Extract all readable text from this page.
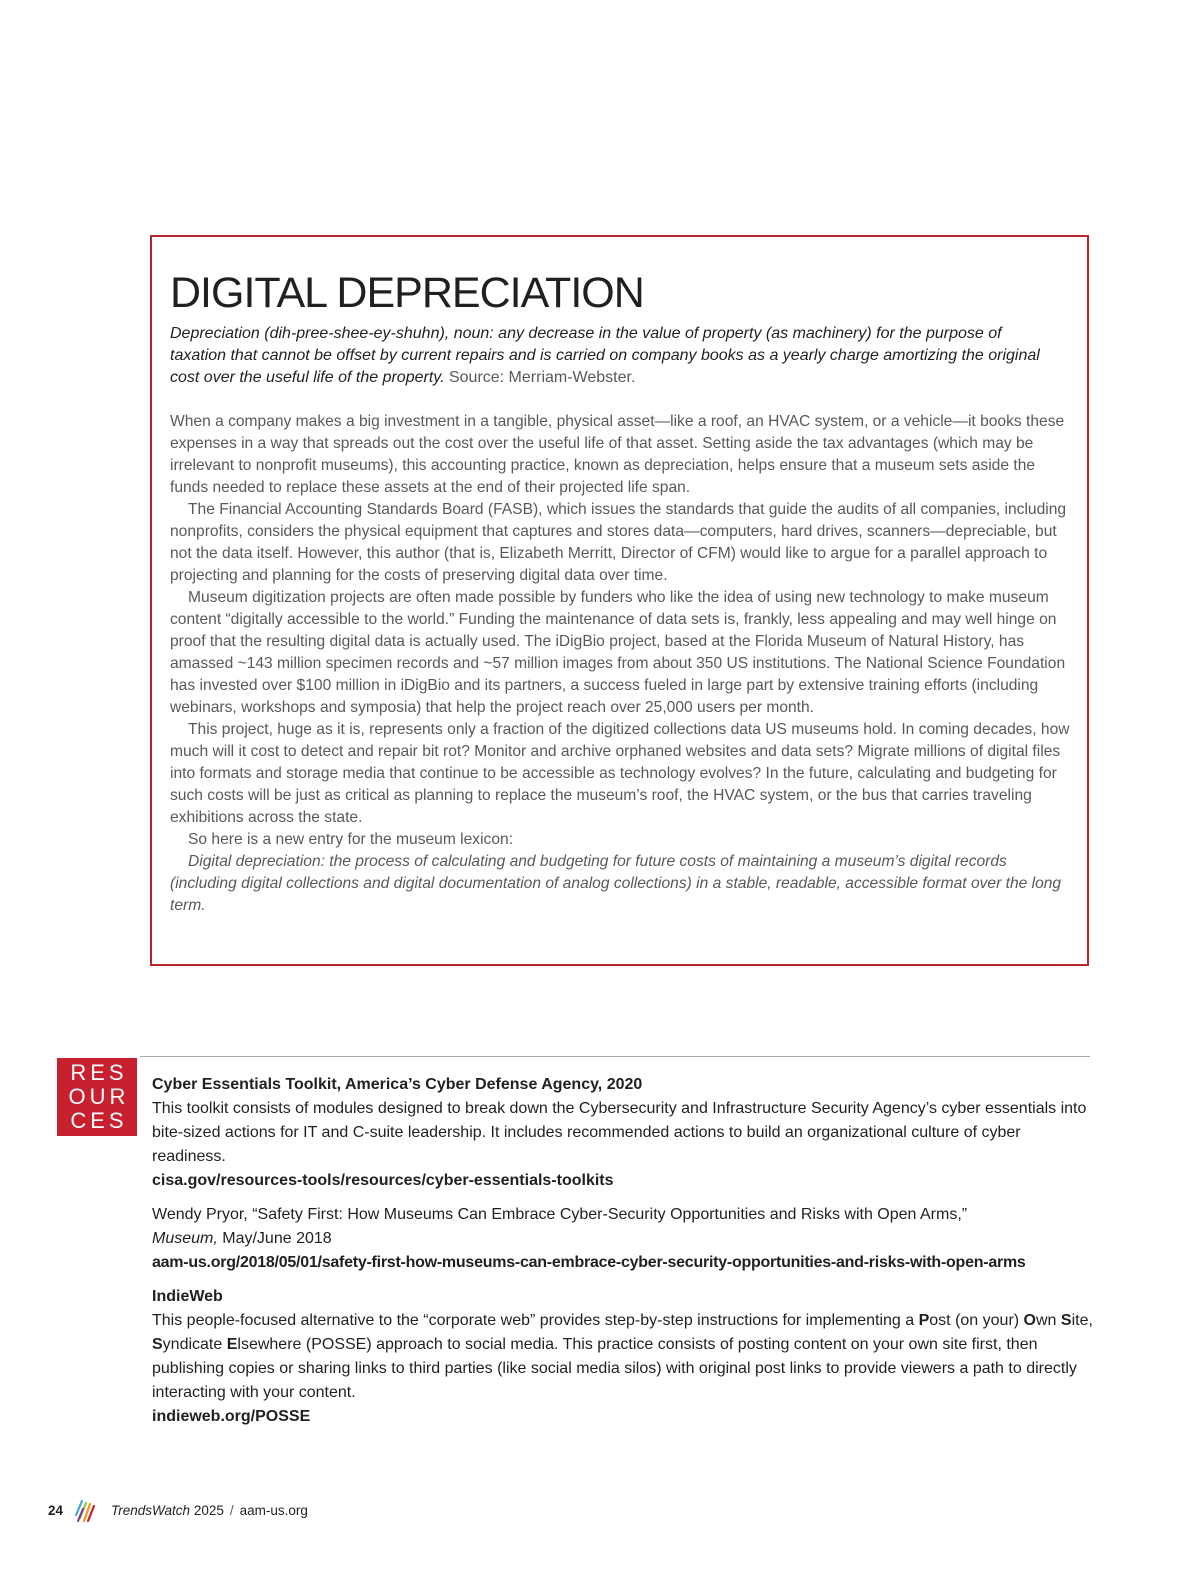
DIGITAL DEPRECIATION
Depreciation (dih-pree-shee-ey-shuhn), noun: any decrease in the value of property (as machinery) for the purpose of taxation that cannot be offset by current repairs and is carried on company books as a yearly charge amortizing the original cost over the useful life of the property. Source: Merriam-Webster.

When a company makes a big investment in a tangible, physical asset—like a roof, an HVAC system, or a vehicle—it books these expenses in a way that spreads out the cost over the useful life of that asset. Setting aside the tax advantages (which may be irrelevant to nonprofit museums), this accounting practice, known as depreciation, helps ensure that a museum sets aside the funds needed to replace these assets at the end of their projected life span.

The Financial Accounting Standards Board (FASB), which issues the standards that guide the audits of all companies, including nonprofits, considers the physical equipment that captures and stores data—computers, hard drives, scanners—depreciable, but not the data itself. However, this author (that is, Elizabeth Merritt, Director of CFM) would like to argue for a parallel approach to projecting and planning for the costs of preserving digital data over time.

Museum digitization projects are often made possible by funders who like the idea of using new technology to make museum content “digitally accessible to the world.” Funding the maintenance of data sets is, frankly, less appealing and may well hinge on proof that the resulting digital data is actually used. The iDigBio project, based at the Florida Museum of Natural History, has amassed ~143 million specimen records and ~57 million images from about 350 US institutions. The National Science Foundation has invested over $100 million in iDigBio and its partners, a success fueled in large part by extensive training efforts (including webinars, workshops and symposia) that help the project reach over 25,000 users per month.

This project, huge as it is, represents only a fraction of the digitized collections data US museums hold. In coming decades, how much will it cost to detect and repair bit rot? Monitor and archive orphaned websites and data sets? Migrate millions of digital files into formats and storage media that continue to be accessible as technology evolves? In the future, calculating and budgeting for such costs will be just as critical as planning to replace the museum’s roof, the HVAC system, or the bus that carries traveling exhibitions across the state.

So here is a new entry for the museum lexicon:

Digital depreciation: the process of calculating and budgeting for future costs of maintaining a museum’s digital records (including digital collections and digital documentation of analog collections) in a stable, readable, accessible format over the long term.

RES
OUR
CES
Cyber Essentials Toolkit, America’s Cyber Defense Agency, 2020
This toolkit consists of modules designed to break down the Cybersecurity and Infrastructure Security Agency’s cyber essentials into bite-sized actions for IT and C-suite leadership. It includes recommended actions to build an organizational culture of cyber readiness.
cisa.gov/resources-tools/resources/cyber-essentials-toolkits
Wendy Pryor, “Safety First: How Museums Can Embrace Cyber-Security Opportunities and Risks with Open Arms,”
Museum, May/June 2018
aam-us.org/2018/05/01/safety-first-how-museums-can-embrace-cyber-security-opportunities-and-risks-with-open-arms
IndieWeb
This people-focused alternative to the “corporate web” provides step-by-step instructions for implementing a Post (on your) Own Site, Syndicate Elsewhere (POSSE) approach to social media. This practice consists of posting content on your own site first, then publishing copies or sharing links to third parties (like social media silos) with original post links to provide viewers a path to directly interacting with your content.
indieweb.org/POSSE
24	TrendsWatch
2025 / aam-us.org
